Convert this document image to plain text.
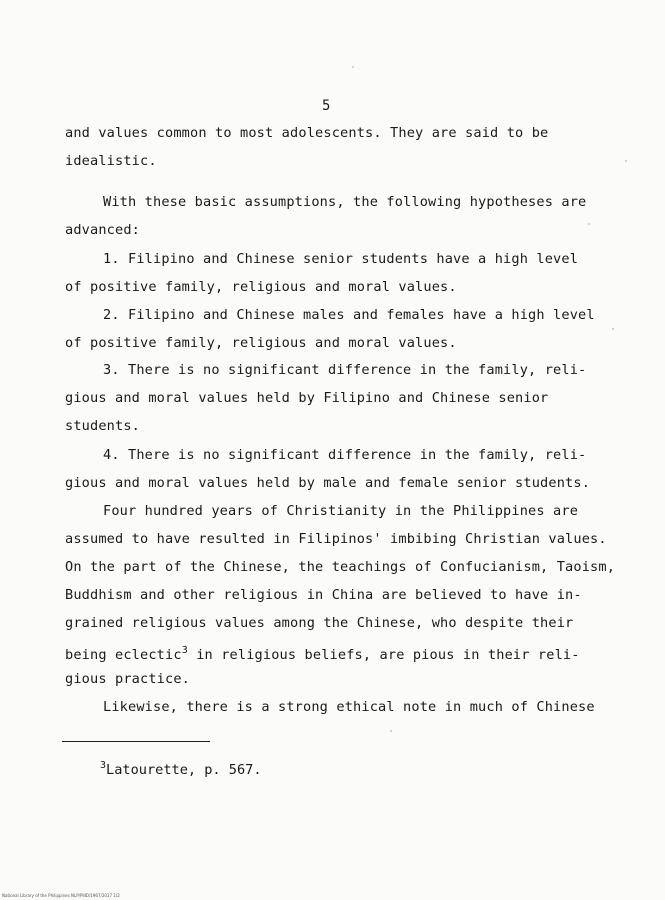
5
and values common to most adolescents. They are said to be
idealistic.
With these basic assumptions, the following hypotheses are
advanced:
1. Filipino and Chinese senior students have a high level
of positive family, religious and moral values.
2. Filipino and Chinese males and females have a high level
of positive family, religious and moral values.
3. There is no significant difference in the family, reli-
gious and moral values held by Filipino and Chinese senior
students.
4. There is no significant difference in the family, reli-
gious and moral values held by male and female senior students.
Four hundred years of Christianity in the Philippines are
assumed to have resulted in Filipinos' imbibing Christian values.
On the part of the Chinese, the teachings of Confucianism, Taoism,
Buddhism and other religious in China are believed to have in-
grained religious values among the Chinese, who despite their
being eclectic$^3$ in religious beliefs, are pious in their reli-
gious practice.
Likewise, there is a strong ethical note in much of Chinese
$^3$Latourette, p. 567.
National Library of the Philippines NLP/PIIID/1967/2017 1/2
